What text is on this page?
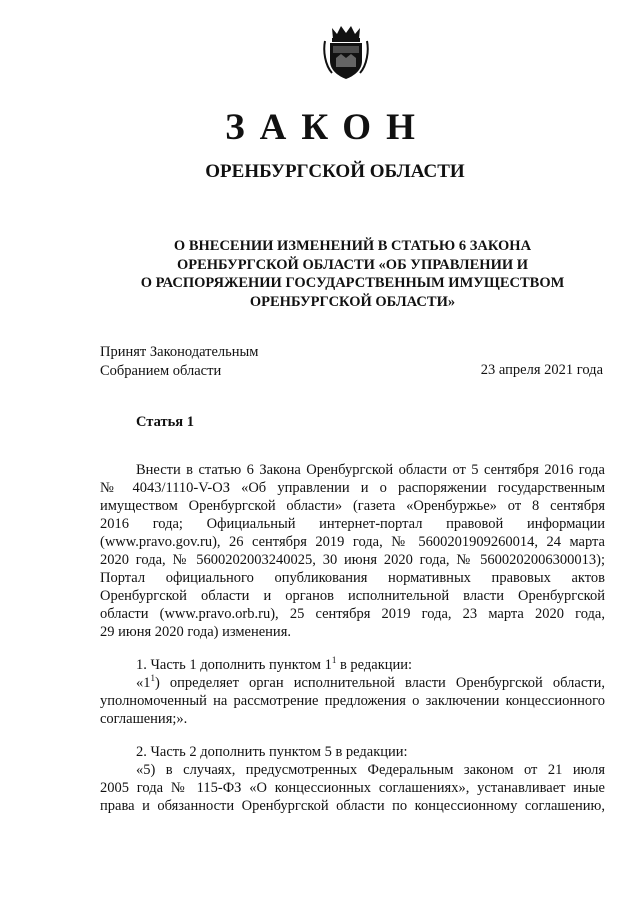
ЗАКОН
ОРЕНБУРГСКОЙ ОБЛАСТИ
О ВНЕСЕНИИ ИЗМЕНЕНИЙ В СТАТЬЮ 6 ЗАКОНА
ОРЕНБУРГСКОЙ ОБЛАСТИ «ОБ УПРАВЛЕНИИ И
О РАСПОРЯЖЕНИИ ГОСУДАРСТВЕННЫМ ИМУЩЕСТВОМ
ОРЕНБУРГСКОЙ ОБЛАСТИ»
Принят Законодательным
Собранием области	23 апреля 2021 года
Статья 1
Внести в статью 6 Закона Оренбургской области от 5 сентября 2016 года
№ 4043/1110-V-ОЗ «Об управлении и о распоряжении государственным
имуществом Оренбургской области» (газета «Оренбуржье» от 8 сентября
2016 года; Официальный интернет-портал правовой информации
(www.pravo.gov.ru), 26 сентября 2019 года, № 5600201909260014, 24 марта
2020 года, № 5600202003240025, 30 июня 2020 года, № 5600202006300013);
Портал официального опубликования нормативных правовых актов
Оренбургской области и органов исполнительной власти Оренбургской
области (www.pravo.orb.ru), 25 сентября 2019 года, 23 марта 2020 года,
29 июня 2020 года) изменения.
1. Часть 1 дополнить пунктом $1^1$ в редакции:
«$1^1$) определяет орган исполнительной власти Оренбургской области,
уполномоченный на рассмотрение предложения о заключении концессионного
соглашения;».
2. Часть 2 дополнить пунктом 5 в редакции:
«5) в случаях, предусмотренных Федеральным законом от 21 июля
2005 года № 115-ФЗ «О концессионных соглашениях», устанавливает иные
права и обязанности Оренбургской области по концессионному соглашению,
